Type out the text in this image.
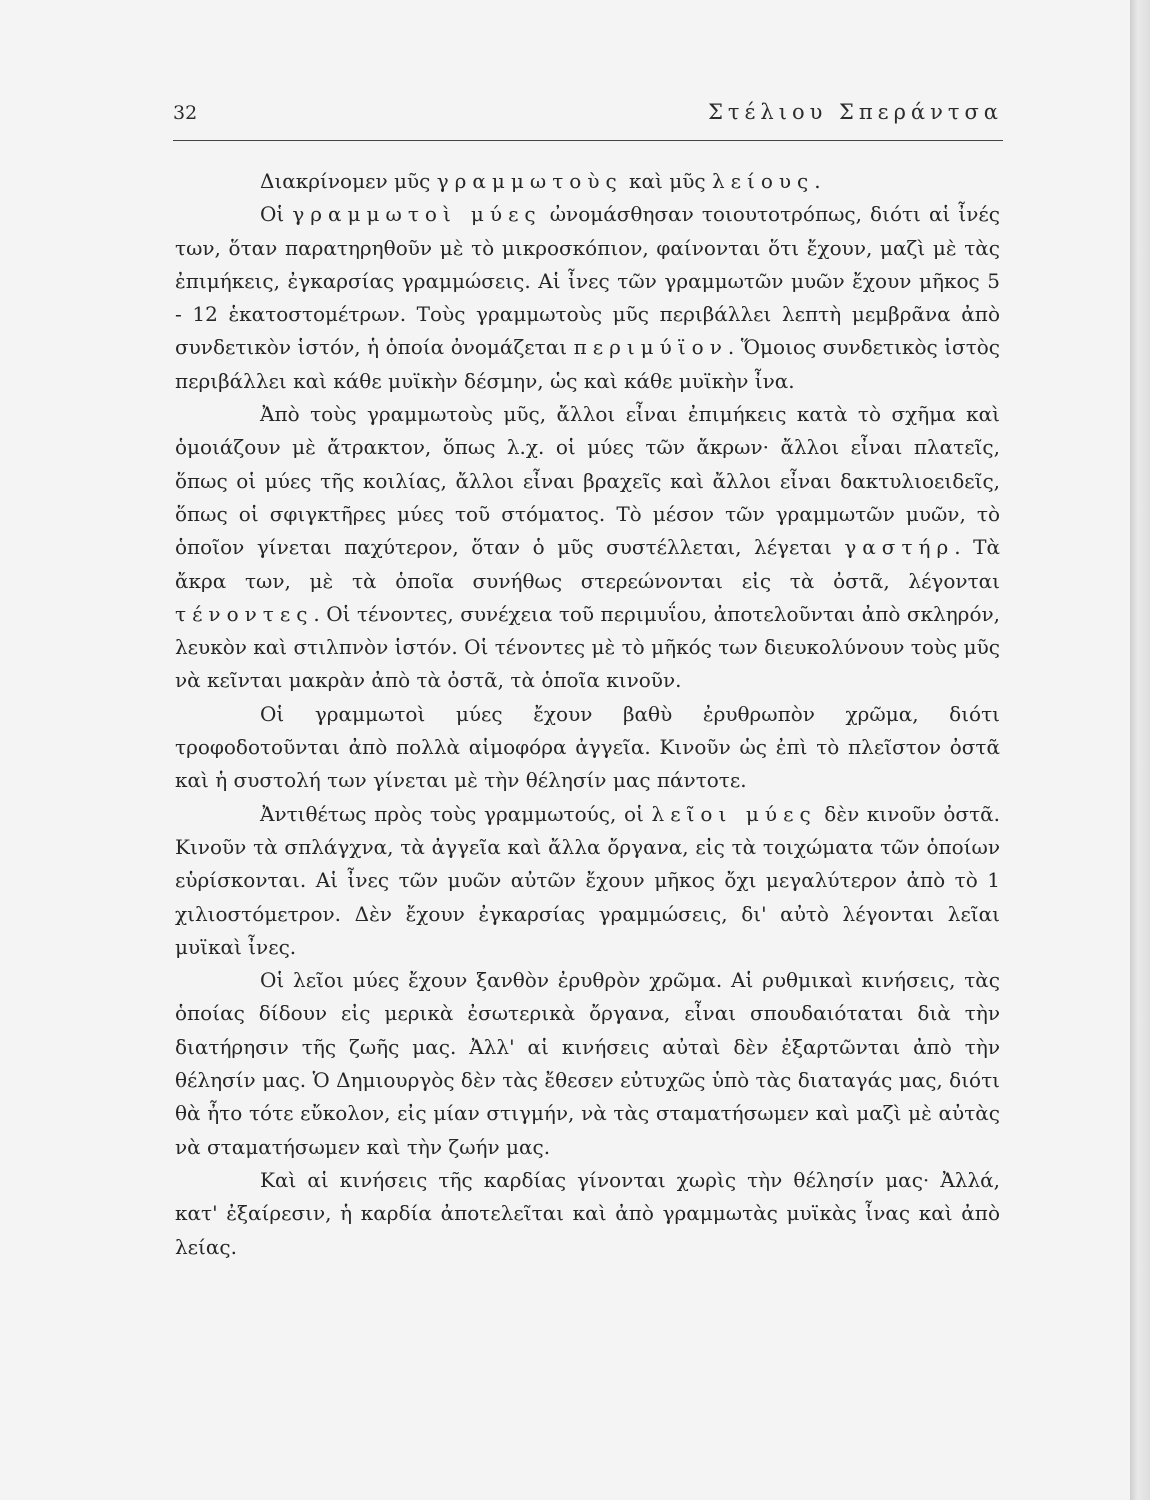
32	Στέλιου Σπεράντσα

Διακρίνομεν μῦς γραμμωτοὺς καὶ μῦς λείους.

Οἱ γραμμωτοὶ μύες ὠνομάσθησαν τοιουτοτρόπως, διότι αἱ ἶνές των, ὅταν παρατηρηθοῦν μὲ τὸ μικροσκόπιον, φαίνονται ὅτι ἔχουν, μαζὶ μὲ τὰς ἐπιμήκεις, ἐγκαρσίας γραμμώσεις. Αἱ ἶνες τῶν γραμμωτῶν μυῶν ἔχουν μῆκος 5 - 12 ἑκατοστομέτρων. Τοὺς γραμμωτοὺς μῦς περιβάλλει λεπτὴ μεμβρᾶνα ἀπὸ συνδετικὸν ἱστόν, ἡ ὁποία ὀνομάζεται περιμύϊον. Ὅμοιος συνδετικὸς ἱστὸς περιβάλλει καὶ κάθε μυϊκὴν δέσμην, ὡς καὶ κάθε μυϊκὴν ἶνα.

Ἀπὸ τοὺς γραμμωτοὺς μῦς, ἄλλοι εἶναι ἐπιμήκεις κατὰ τὸ σχῆμα καὶ ὁμοιάζουν μὲ ἄτρακτον, ὅπως λ.χ. οἱ μύες τῶν ἄκρων· ἄλλοι εἶναι πλατεῖς, ὅπως οἱ μύες τῆς κοιλίας, ἄλλοι εἶναι βραχεῖς καὶ ἄλλοι εἶναι δακτυλιοειδεῖς, ὅπως οἱ σφιγκτῆρες μύες τοῦ στόματος. Τὸ μέσον τῶν γραμμωτῶν μυῶν, τὸ ὁποῖον γίνεται παχύτερον, ὅταν ὁ μῦς συστέλλεται, λέγεται γαστήρ. Τὰ ἄκρα των, μὲ τὰ ὁποῖα συνήθως στερεώνονται εἰς τὰ ὀστᾶ, λέγονται τένοντες. Οἱ τένοντες, συνέχεια τοῦ περιμυΐου, ἀποτελοῦνται ἀπὸ σκληρόν, λευκὸν καὶ στιλπνὸν ἱστόν. Οἱ τένοντες μὲ τὸ μῆκός των διευκολύνουν τοὺς μῦς νὰ κεῖνται μακρὰν ἀπὸ τὰ ὀστᾶ, τὰ ὁποῖα κινοῦν.

Οἱ γραμμωτοὶ μύες ἔχουν βαθὺ ἐρυθρωπὸν χρῶμα, διότι τροφοδοτοῦνται ἀπὸ πολλὰ αἱμοφόρα ἀγγεῖα. Κινοῦν ὡς ἐπὶ τὸ πλεῖστον ὀστᾶ καὶ ἡ συστολή των γίνεται μὲ τὴν θέλησίν μας πάντοτε.

Ἀντιθέτως πρὸς τοὺς γραμμωτούς, οἱ λεῖοι μύες δὲν κινοῦν ὀστᾶ. Κινοῦν τὰ σπλάγχνα, τὰ ἀγγεῖα καὶ ἄλλα ὄργανα, εἰς τὰ τοιχώματα τῶν ὁποίων εὑρίσκονται. Αἱ ἶνες τῶν μυῶν αὐτῶν ἔχουν μῆκος ὄχι μεγαλύτερον ἀπὸ τὸ 1 χιλιοστόμετρον. Δὲν ἔχουν ἐγκαρσίας γραμμώσεις, δι' αὐτὸ λέγονται λεῖαι μυϊκαὶ ἶνες.

Οἱ λεῖοι μύες ἔχουν ξανθὸν ἐρυθρὸν χρῶμα. Αἱ ρυθμικαὶ κινήσεις, τὰς ὁποίας δίδουν εἰς μερικὰ ἐσωτερικὰ ὄργανα, εἶναι σπουδαιόταται διὰ τὴν διατήρησιν τῆς ζωῆς μας. Ἀλλ' αἱ κινήσεις αὐταὶ δὲν ἐξαρτῶνται ἀπὸ τὴν θέλησίν μας. Ὁ Δημιουργὸς δὲν τὰς ἔθεσεν εὐτυχῶς ὑπὸ τὰς διαταγάς μας, διότι θὰ ἦτο τότε εὔκολον, εἰς μίαν στιγμήν, νὰ τὰς σταματήσωμεν καὶ μαζὶ μὲ αὐτὰς νὰ σταματήσωμεν καὶ τὴν ζωήν μας.

Καὶ αἱ κινήσεις τῆς καρδίας γίνονται χωρὶς τὴν θέλησίν μας· Ἀλλά, κατ' ἐξαίρεσιν, ἡ καρδία ἀποτελεῖται καὶ ἀπὸ γραμμωτὰς μυϊκὰς ἶνας καὶ ἀπὸ λείας.
